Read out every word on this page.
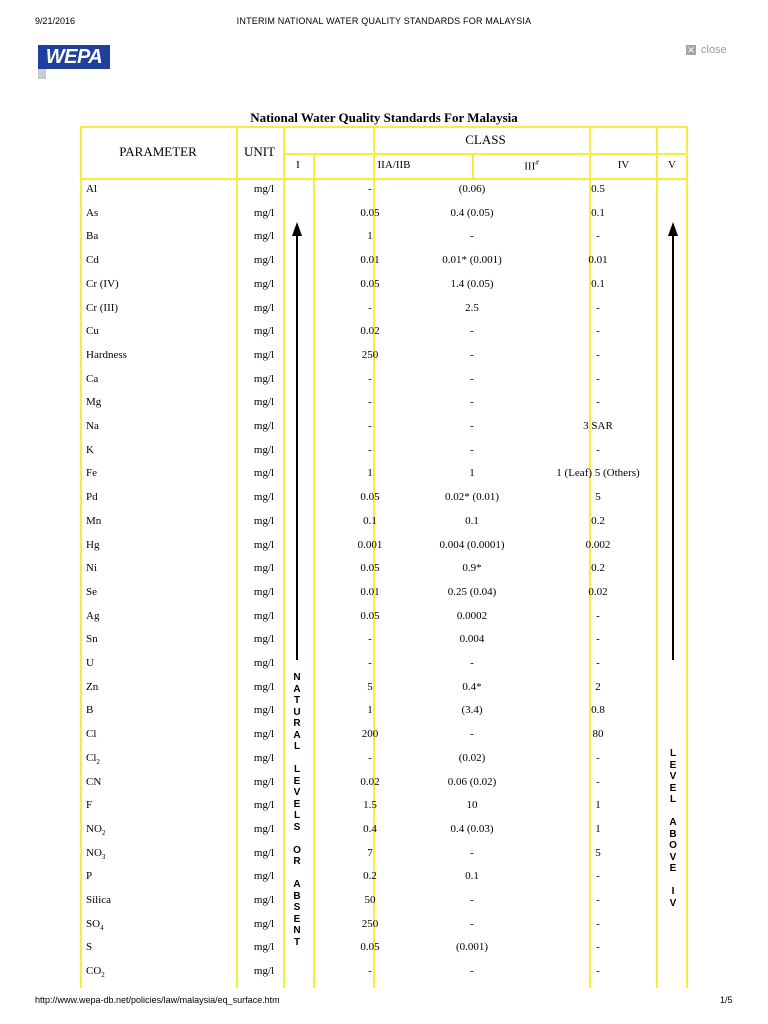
9/21/2016	INTERIM NATIONAL WATER QUALITY STANDARDS FOR MALAYSIA
WEPA	✕ close
National Water Quality Standards For Malaysia
PARAMETER	UNIT
CLASS
I	IIA/IIB	III#	IV	V
Al	mg/l	-	(0.06)	0.5
As	mg/l	0.05	0.4 (0.05)	0.1
Ba	mg/l	1	-	-
Cd	mg/l	0.01	0.01* (0.001)	0.01
Cr (IV)	mg/l	0.05	1.4 (0.05)	0.1
Cr (III)	mg/l	-	2.5	-
Cu	mg/l	0.02	-	-
Hardness	mg/l	250	-	-
Ca	mg/l	-	-	-
Mg	mg/l	-	-	-
Na	mg/l	-	-	3 SAR
K	mg/l	-	-	-
Fe	mg/l	1	1	1 (Leaf) 5 (Others)
Pd	mg/l	0.05	0.02* (0.01)	5
Mn	mg/l	0.1	0.1	0.2
Hg	mg/l	0.001	0.004 (0.0001)	0.002
Ni	mg/l	0.05	0.9*	0.2
Se	mg/l	0.01	0.25 (0.04)	0.02
Ag	mg/l	0.05	0.0002	-
Sn	mg/l	-	0.004	-
U	mg/l	-	-	-
Zn	mg/l	5	0.4*	2
B	mg/l	1	(3.4)	0.8
Cl	mg/l	200	-	80
$Cl_2$	mg/l	-	(0.02)	-
CN	mg/l	0.02	0.06 (0.02)	-
F	mg/l	1.5	10	1
$NO_2$	mg/l	0.4	0.4 (0.03)	1
$NO_3$	mg/l	7	-	5
P	mg/l	0.2	0.1	-
Silica	mg/l	50	-	-
$SO_4$	mg/l	250	-	-
S	mg/l	0.05	(0.001)	-
$CO_2$	mg/l	-	-	-
N
A
T
U
R
A
L

L
E
V
E
L
S

O
R

A
B
S
E
N
T
L
E
V
E
L

A
B
O
V
E

I
V
http://www.wepa-db.net/policies/law/malaysia/eq_surface.htm	1/5
